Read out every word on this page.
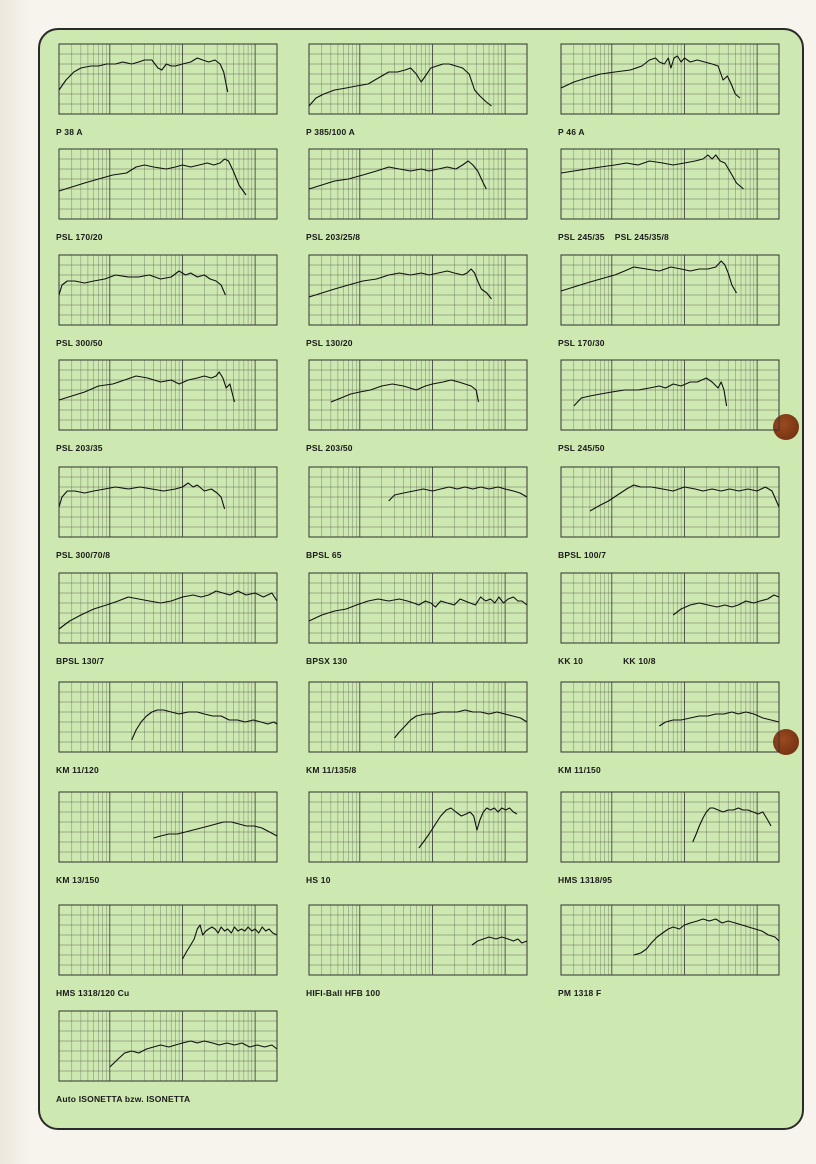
P 38 A	P 385/100 A	P 46 A
PSL 170/20	PSL 203/25/8	PSL 245/35 PSL 245/35/8
PSL 300/50	PSL 130/20	PSL 170/30
PSL 203/35	PSL 203/50	PSL 245/50
PSL 300/70/8	BPSL 65	BPSL 100/7
BPSL 130/7	BPSX 130	KK 10	KK 10/8
KM 11/120	KM 11/135/8	KM 11/150
KM 13/150	HS 10	HMS 1318/95
HMS 1318/120 Cu	HIFI-Ball HFB 100	PM 1318 F
Auto ISONETTA bzw. ISONETTA
